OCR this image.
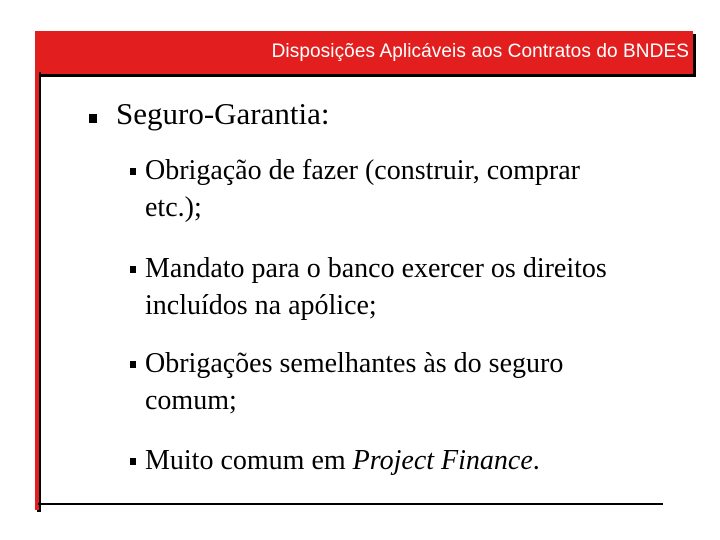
Disposições Aplicáveis aos Contratos do BNDES
Seguro-Garantia:
Obrigação de fazer (construir, comprar
etc.);
Mandato para o banco exercer os direitos
incluídos na apólice;
Obrigações semelhantes às do seguro
comum;
Muito comum em Project Finance.
